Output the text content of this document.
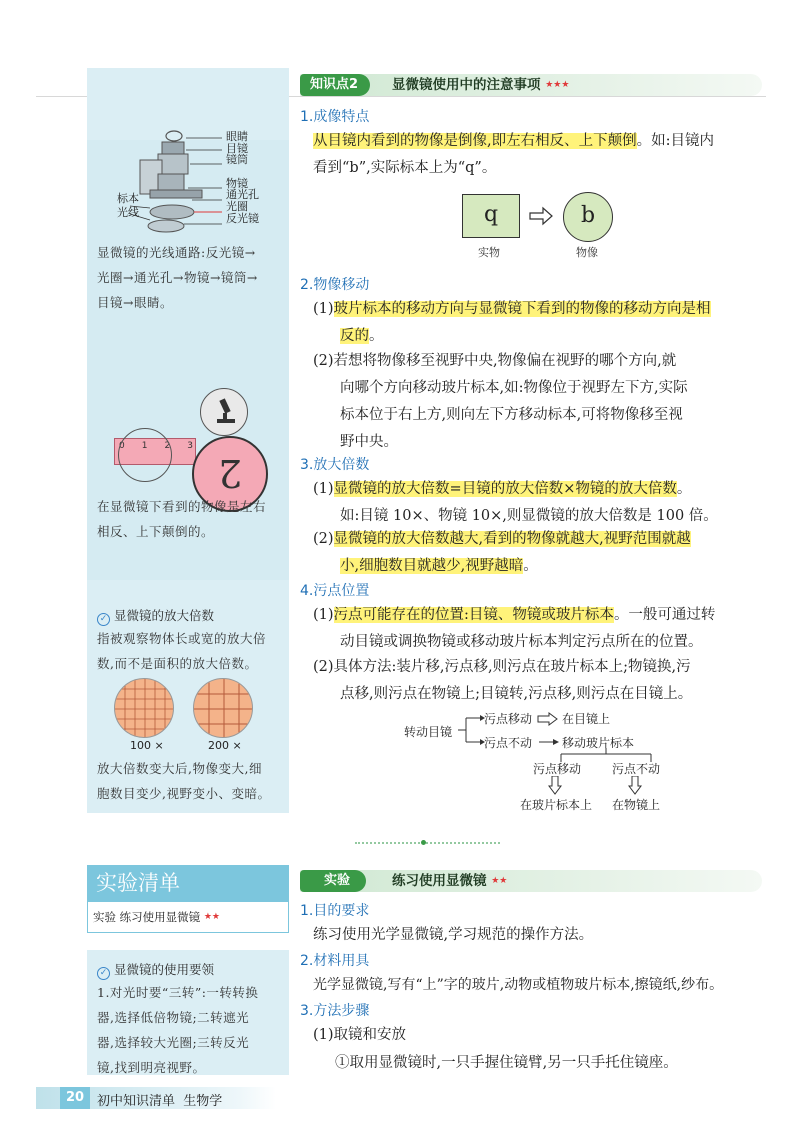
眼睛
目镜
镜筒
物镜
通光孔
光圈
反光镜
标本
光线
显微镜的光线通路:反光镜→
光圈→通光孔→物镜→镜筒→
目镜→眼睛。
0 1 2 3
2
在显微镜下看到的物像是左右
相反、上下颠倒的。
✓ 显微镜的放大倍数
指被观察物体长或宽的放大倍
数,而不是面积的放大倍数。
100 ×	200 ×
放大倍数变大后,物像变大,细
胞数目变少,视野变小、变暗。
知识点2	显微镜使用中的注意事项 ★★★
1.成像特点
从目镜内看到的物像是倒像,即左右相反、上下颠倒。如:目镜内
看到“b”,实际标本上为“q”。
q	b
实物	物像
2.物像移动
(1)玻片标本的移动方向与显微镜下看到的物像的移动方向是相
反的。
(2)若想将物像移至视野中央,物像偏在视野的哪个方向,就
向哪个方向移动玻片标本,如:物像位于视野左下方,实际
标本位于右上方,则向左下方移动标本,可将物像移至视
野中央。
3.放大倍数
(1)显微镜的放大倍数=目镜的放大倍数×物镜的放大倍数。
如:目镜 10×、物镜 10×,则显微镜的放大倍数是 100 倍。
(2)显微镜的放大倍数越大,看到的物像就越大,视野范围就越
小,细胞数目就越少,视野越暗。
4.污点位置
(1)污点可能存在的位置:目镜、物镜或玻片标本。一般可通过转
动目镜或调换物镜或移动玻片标本判定污点所在的位置。
(2)具体方法:装片移,污点移,则污点在玻片标本上;物镜换,污
点移,则污点在物镜上;目镜转,污点移,则污点在目镜上。
转动目镜
污点移动 在目镜上
污点不动 移动玻片标本
污点移动	污点不动
在玻片标本上 在物镜上
实验	练习使用显微镜 ★★
1.目的要求
练习使用光学显微镜,学习规范的操作方法。
2.材料用具
光学显微镜,写有“上”字的玻片,动物或植物玻片标本,擦镜纸,纱布。
3.方法步骤
(1)取镜和安放
①取用显微镜时,一只手握住镜臂,另一只手托住镜座。
实验清单
实验 练习使用显微镜 ★★
✓ 显微镜的使用要领
1.对光时要“三转”:一转转换
器,选择低倍物镜;二转遮光
器,选择较大光圈;三转反光
镜,找到明亮视野。
20 初中知识清单 生物学
